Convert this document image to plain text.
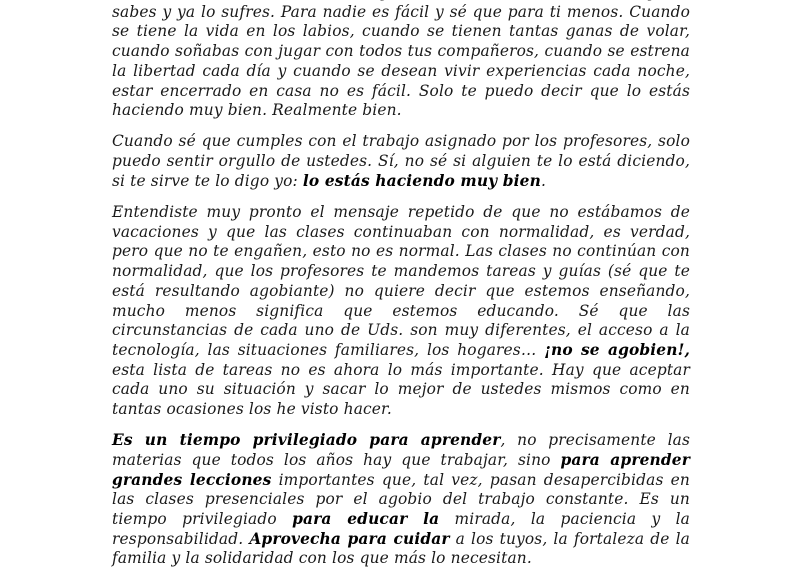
sabes y ya lo sufres. Para nadie es fácil y sé que para ti menos. Cuando se tiene la vida en los labios, cuando se tienen tantas ganas de volar, cuando soñabas con jugar con todos tus compañeros, cuando se estrena la libertad cada día y cuando se desean vivir experiencias cada noche, estar encerrado en casa no es fácil. Solo te puedo decir que lo estás haciendo muy bien. Realmente bien.

Cuando sé que cumples con el trabajo asignado por los profesores, solo puedo sentir orgullo de ustedes. Sí, no sé si alguien te lo está diciendo, si te sirve te lo digo yo: lo estás haciendo muy bien.

Entendiste muy pronto el mensaje repetido de que no estábamos de vacaciones y que las clases continuaban con normalidad, es verdad, pero que no te engañen, esto no es normal. Las clases no continúan con normalidad, que los profesores te mandemos tareas y guías (sé que te está resultando agobiante) no quiere decir que estemos enseñando, mucho menos significa que estemos educando. Sé que las circunstancias de cada uno de Uds. son muy diferentes, el acceso a la tecnología, las situaciones familiares, los hogares… ¡no se agobien!, esta lista de tareas no es ahora lo más importante. Hay que aceptar cada uno su situación y sacar lo mejor de ustedes mismos como en tantas ocasiones los he visto hacer.

Es un tiempo privilegiado para aprender, no precisamente las materias que todos los años hay que trabajar, sino para aprender grandes lecciones importantes que, tal vez, pasan desapercibidas en las clases presenciales por el agobio del trabajo constante. Es un tiempo privilegiado para educar la mirada, la paciencia y la responsabilidad. Aprovecha para cuidar a los tuyos, la fortaleza de la familia y la solidaridad con los que más lo necesitan.
